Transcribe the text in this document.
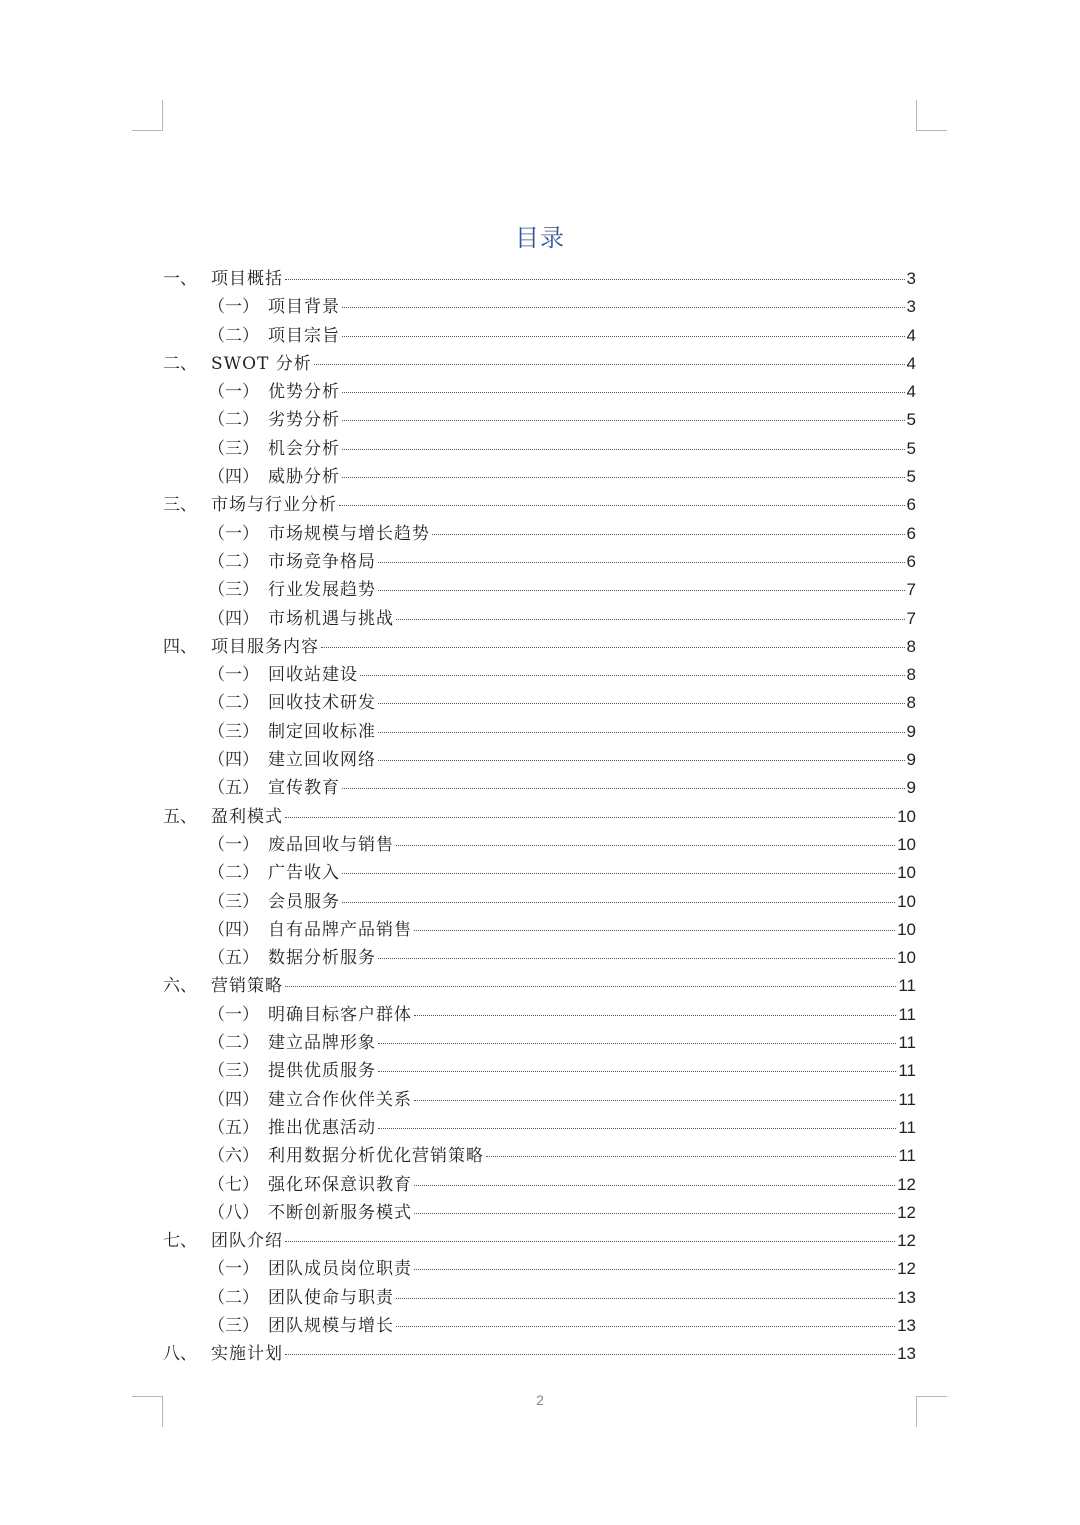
目录
一、 项目概括	3
（一） 项目背景	3
（二） 项目宗旨	4
二、 SWOT 分析	4
（一） 优势分析	4
（二） 劣势分析	5
（三） 机会分析	5
（四） 威胁分析	5
三、 市场与行业分析	6
（一） 市场规模与增长趋势	6
（二） 市场竞争格局	6
（三） 行业发展趋势	7
（四） 市场机遇与挑战	7
四、 项目服务内容	8
（一） 回收站建设	8
（二） 回收技术研发	8
（三） 制定回收标准	9
（四） 建立回收网络	9
（五） 宣传教育	9
五、 盈利模式	10
（一） 废品回收与销售	10
（二） 广告收入	10
（三） 会员服务	10
（四） 自有品牌产品销售	10
（五） 数据分析服务	10
六、 营销策略	11
（一） 明确目标客户群体	11
（二） 建立品牌形象	11
（三） 提供优质服务	11
（四） 建立合作伙伴关系	11
（五） 推出优惠活动	11
（六） 利用数据分析优化营销策略	11
（七） 强化环保意识教育	12
（八） 不断创新服务模式	12
七、 团队介绍	12
（一） 团队成员岗位职责	12
（二） 团队使命与职责	13
（三） 团队规模与增长	13
八、 实施计划	13
2
